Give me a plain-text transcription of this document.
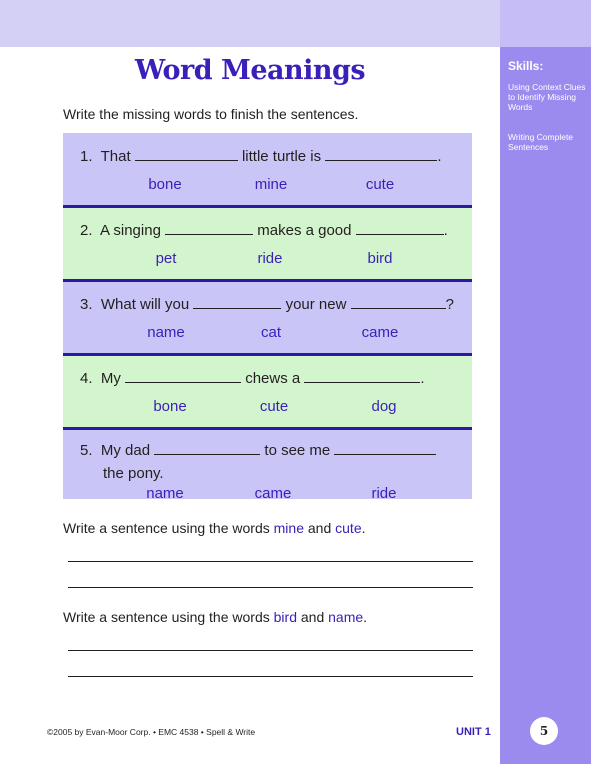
Skills:
Using Context Clues to Identify Missing Words
Writing Complete Sentences
Word Meanings
Write the missing words to finish the sentences.
1. That	little turtle is	.
bone	mine	cute
2. A singing	makes a good	.
pet	ride	bird
3. What will you	your new	?
name	cat	came
4. My	chews a	.
bone	cute	dog
5. My dad	to see me
the pony.
name	came	ride
Write a sentence using the words mine and cute.
Write a sentence using the words bird and name.
©2005 by Evan-Moor Corp. • EMC 4538 • Spell & Write	UNIT 1	5
